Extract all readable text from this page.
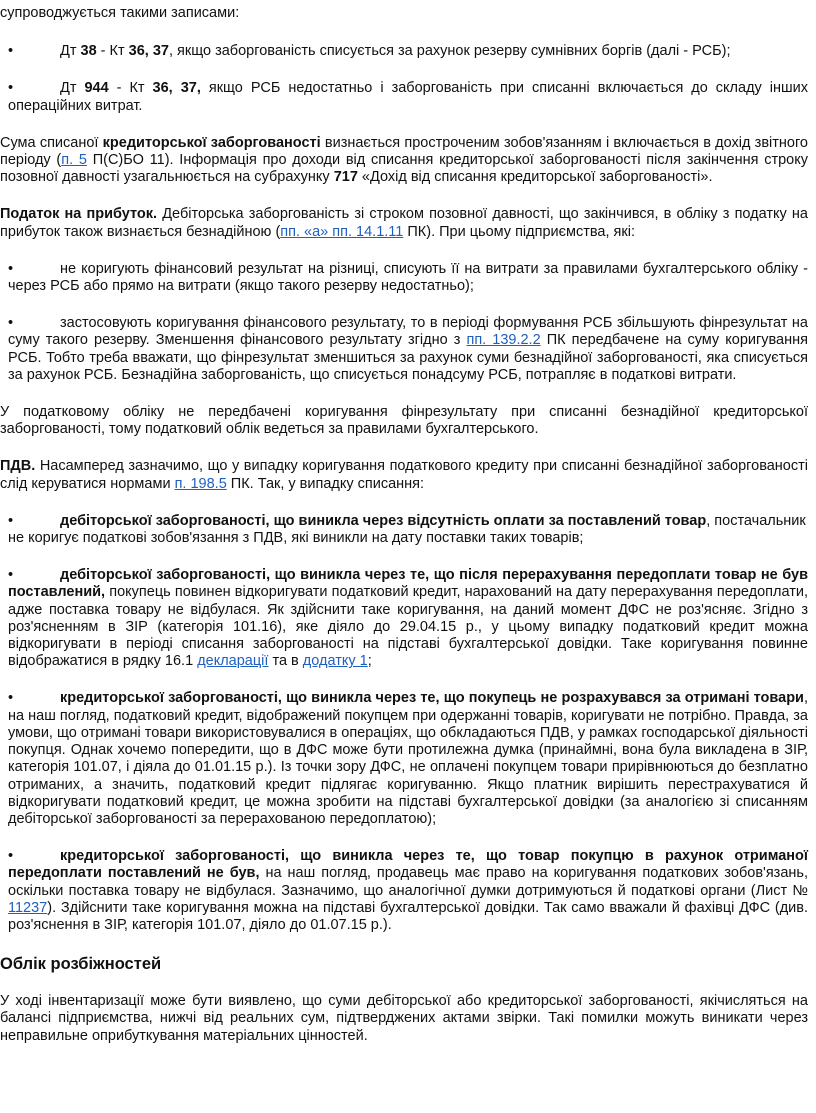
супроводжується такими записами:

•	Дт 38 - Кт 36, 37, якщо заборгованість списується за рахунок резерву сумнівних боргів (далі - РСБ);

•	Дт 944 - Кт 36, 37, якщо РСБ недостатньо і заборгованість при списанні включається до складу інших операційних витрат.

Сума списаної кредиторської заборгованості визнається простроченим зобов'язанням і включається в дохід звітного періоду (п. 5 П(С)БО 11). Інформація про доходи від списання кредиторської заборгованості після закінчення строку позовної давності узагальнюється на субрахунку 717 «Дохід від списання кредиторської заборгованості».

Податок на прибуток. Дебіторська заборгованість зі строком позовної давності, що закінчився, в обліку з податку на прибуток також визнається безнадійною (пп. «а» пп. 14.1.11 ПК). При цьому підприємства, які:

•	не коригують фінансовий результат на різниці, списують її на витрати за правилами бухгалтерського обліку - через РСБ або прямо на витрати (якщо такого резерву недостатньо);

•	застосовують коригування фінансового результату, то в періоді формування РСБ збільшують фінрезультат на суму такого резерву. Зменшення фінансового результату згідно з пп. 139.2.2 ПК передбачене на суму коригування РСБ. Тобто треба вважати, що фінрезультат зменшиться за рахунок суми безнадійної заборгованості, яка списується за рахунок РСБ. Безнадійна заборгованість, що списується понадсуму РСБ, потрапляє в податкові витрати.

У податковому обліку не передбачені коригування фінрезультату при списанні безнадійної кредиторської заборгованості, тому податковий облік ведеться за правилами бухгалтерського.

ПДВ. Насамперед зазначимо, що у випадку коригування податкового кредиту при списанні безнадійної заборгованості слід керуватися нормами п. 198.5 ПК. Так, у випадку списання:

•	дебіторської заборгованості, що виникла через відсутність оплати за поставлений товар, постачальник не коригує податкові зобов'язання з ПДВ, які виникли на дату поставки таких товарів;

•	дебіторської заборгованості, що виникла через те, що після перерахування передоплати товар не був поставлений, покупець повинен відкоригувати податковий кредит, нарахований на дату перерахування передоплати, адже поставка товару не відбулася. Як здійснити таке коригування, на даний момент ДФС не роз'ясняє. Згідно з роз'ясненням в ЗІР (категорія 101.16), яке діяло до 29.04.15 р., у цьому випадку податковий кредит можна відкоригувати в періоді списання заборгованості на підставі бухгалтерської довідки. Таке коригування повинне відображатися в рядку 16.1 декларації та в додатку 1;

•	кредиторської заборгованості, що виникла через те, що покупець не розрахувався за отримані товари, на наш погляд, податковий кредит, відображений покупцем при одержанні товарів, коригувати не потрібно. Правда, за умови, що отримані товари використовувалися в операціях, що обкладаються ПДВ, у рамках господарської діяльності покупця. Однак хочемо попередити, що в ДФС може бути протилежна думка (принаймні, вона була викладена в ЗІР, категорія 101.07, і діяла до 01.01.15 р.). Із точки зору ДФС, не оплачені покупцем товари прирівнюються до безплатно отриманих, а значить, податковий кредит підлягає коригуванню. Якщо платник вирішить перестрахуватися й відкоригувати податковий кредит, це можна зробити на підставі бухгалтерської довідки (за аналогією зі списанням дебіторської заборгованості за перерахованою передоплатою);

•	кредиторської заборгованості, що виникла через те, що товар покупцю в рахунок отриманої передоплати поставлений не був, на наш погляд, продавець має право на коригування податкових зобов'язань, оскільки поставка товару не відбулася. Зазначимо, що аналогічної думки дотримуються й податкові органи (Лист № 11237). Здійснити таке коригування можна на підставі бухгалтерської довідки. Так само вважали й фахівці ДФС (див. роз'яснення в ЗІР, категорія 101.07, діяло до 01.07.15 р.).

Облік розбіжностей

У ході інвентаризації може бути виявлено, що суми дебіторської або кредиторської заборгованості, якічисляться на балансі підприємства, нижчі від реальних сум, підтверджених актами звірки. Такі помилки можуть виникати через неправильне оприбуткування матеріальних цінностей.
